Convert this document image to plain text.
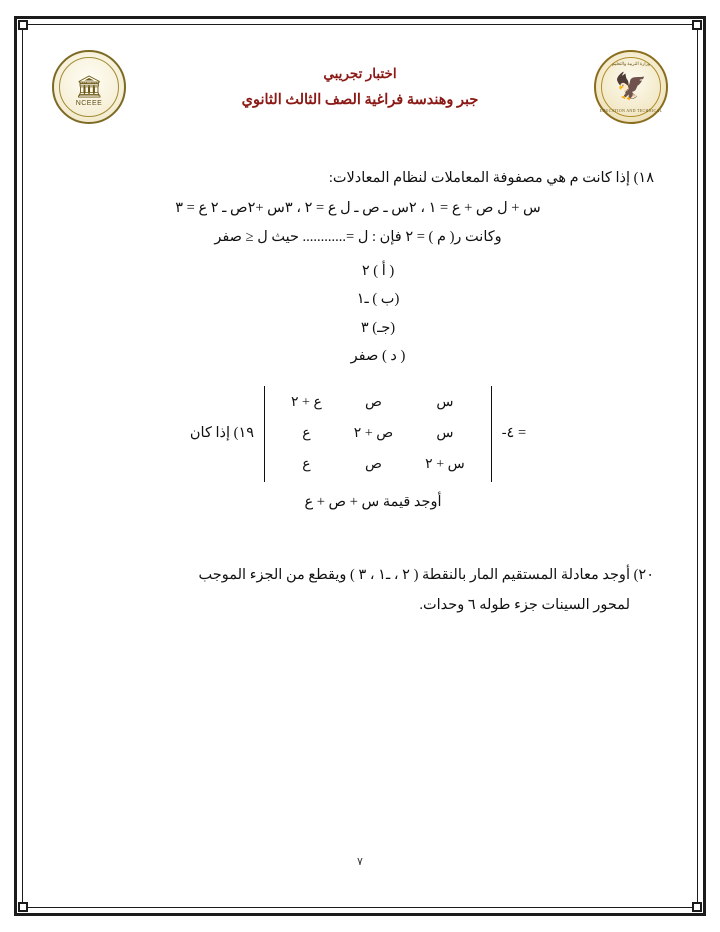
وزارة التربية والتعليم
🦅
EDUCATION AND TECHNICAL
اختبار تجريبي
جبر وهندسة فراغية الصف الثالث الثانوي
🏛
NCEEE
١٨) إذا كانت م هي مصفوفة المعاملات لنظام المعادلات:
س + ل ص + ع = ١ ، ٢س ـ ص ـ ل ع = ٢ ، ٣س +٢ص ـ ٢ ع = ٣
وكانت ر( م ) = ٢ فإن : ل =............ حيث ل ≤ صفر
( أ ) ٢
(ب ) ـ١
(جـ) ٣
( د ) صفر
١٩) إذا كان
س	ص	ع + ٢
س	ص + ٢	ع
س + ٢	ص	ع
= ٤-
أوجد قيمة س + ص + ع
٢٠) أوجد معادلة المستقيم المار بالنقطة ( ٢ ، ـ١ ، ٣ ) ويقطع من الجزء الموجب
لمحور السينات جزء طوله ٦ وحدات.
٧
